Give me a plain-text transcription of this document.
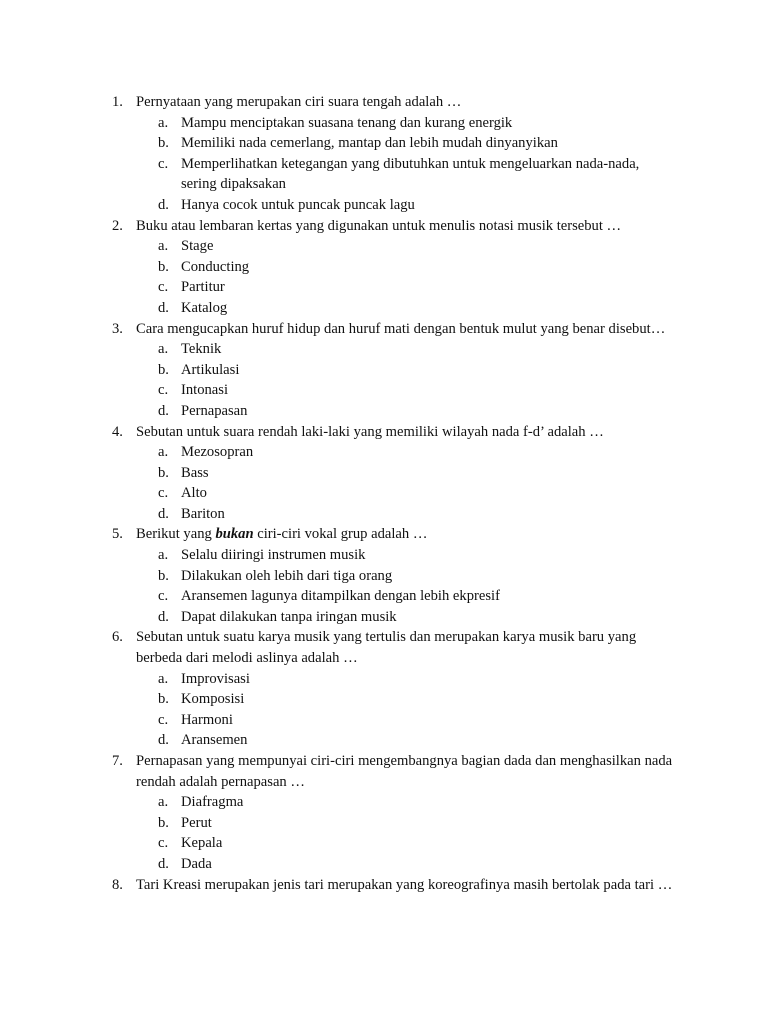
1. Pernyataan yang merupakan ciri suara tengah adalah …
a. Mampu menciptakan suasana tenang dan kurang energik
b. Memiliki nada cemerlang, mantap dan lebih mudah dinyanyikan
c. Memperlihatkan ketegangan yang dibutuhkan untuk mengeluarkan nada-nada, sering dipaksakan
d. Hanya cocok untuk puncak puncak lagu
2. Buku atau lembaran kertas yang digunakan untuk menulis notasi musik tersebut …
a. Stage
b. Conducting
c. Partitur
d. Katalog
3. Cara mengucapkan huruf hidup dan huruf mati dengan bentuk mulut yang benar disebut…
a. Teknik
b. Artikulasi
c. Intonasi
d. Pernapasan
4. Sebutan untuk suara rendah laki-laki yang memiliki wilayah nada f-d’ adalah …
a. Mezosopran
b. Bass
c. Alto
d. Bariton
5. Berikut yang bukan ciri-ciri vokal grup adalah …
a. Selalu diiringi instrumen musik
b. Dilakukan oleh lebih dari tiga orang
c. Aransemen lagunya ditampilkan dengan lebih ekpresif
d. Dapat dilakukan tanpa iringan musik
6. Sebutan untuk suatu karya musik yang tertulis dan merupakan karya musik baru yang berbeda dari melodi aslinya adalah …
a. Improvisasi
b. Komposisi
c. Harmoni
d. Aransemen
7. Pernapasan yang mempunyai ciri-ciri mengembangnya bagian dada dan menghasilkan nada rendah adalah pernapasan …
a. Diafragma
b. Perut
c. Kepala
d. Dada
8. Tari Kreasi merupakan jenis tari merupakan yang koreografinya masih bertolak pada tari …
